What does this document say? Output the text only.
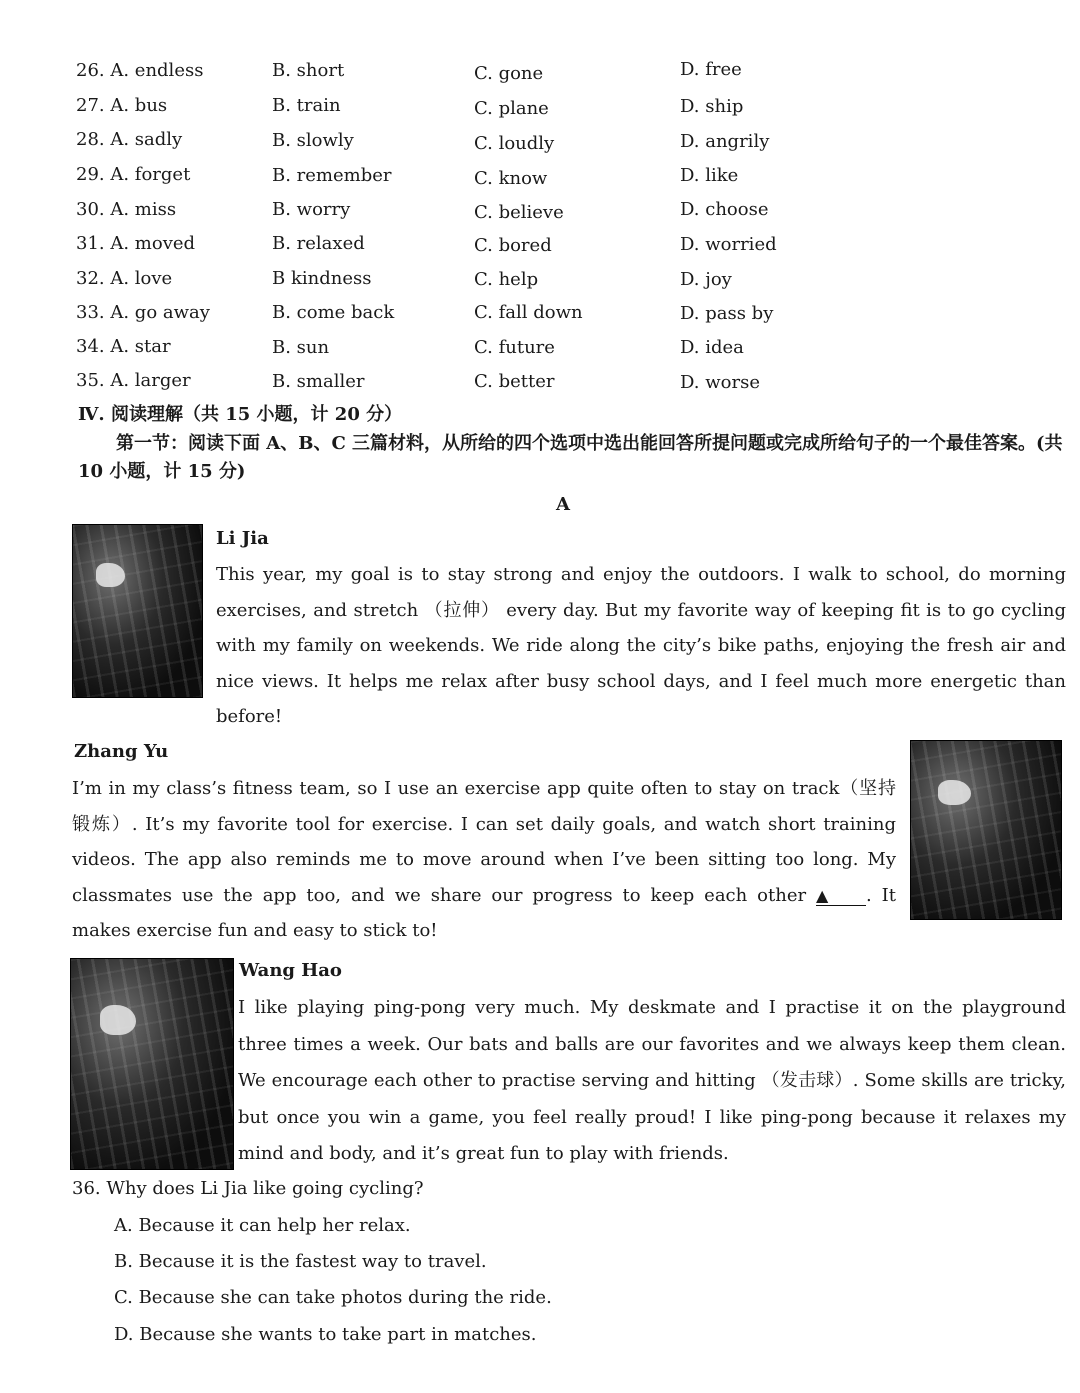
26. A. endless	B. short	C. gone	D. free
27. A. bus	B. train	C. plane	D. ship
28. A. sadly	B. slowly	C. loudly	D. angrily
29. A. forget	B. remember	C. know	D. like
30. A. miss	B. worry	C. believe	D. choose
31. A. moved	B. relaxed	C. bored	D. worried
32. A. love	B kindness	C. help	D. joy
33. A. go away	B. come back	C. fall down	D. pass by
34. A. star	B. sun	C. future	D. idea
35. A. larger	B. smaller	C. better	D. worse
Ⅳ. 阅读理解（共 15 小题，计 20 分）
第一节：阅读下面 A、B、C 三篇材料，从所给的四个选项中选出能回答所提问题或完成所给句子的一个最佳答案。(共 10 小题，计 15 分)
A
Li Jia
This year, my goal is to stay strong and enjoy the outdoors. I walk to school, do morning exercises, and stretch （拉伸） every day. But my favorite way of keeping fit is to go cycling with my family on weekends. We ride along the city’s bike paths, enjoying the fresh air and nice views. It helps me relax after busy school days, and I feel much more energetic than before!
Zhang Yu
I’m in my class’s fitness team, so I use an exercise app quite often to stay on track（坚持锻炼）. It’s my favorite tool for exercise. I can set daily goals, and watch short training videos. The app also reminds me to move around when I’ve been sitting too long. My classmates use the app too, and we share our progress to keep each other ▲ . It makes exercise fun and easy to stick to!
Wang Hao
I like playing ping-pong very much. My deskmate and I practise it on the playground three times a week. Our bats and balls are our favorites and we always keep them clean. We encourage each other to practise serving and hitting （发击球）. Some skills are tricky, but once you win a game, you feel really proud! I like ping-pong because it relaxes my mind and body, and it’s great fun to play with friends.
36. Why does Li Jia like going cycling?
A. Because it can help her relax.
B. Because it is the fastest way to travel.
C. Because she can take photos during the ride.
D. Because she wants to take part in matches.
